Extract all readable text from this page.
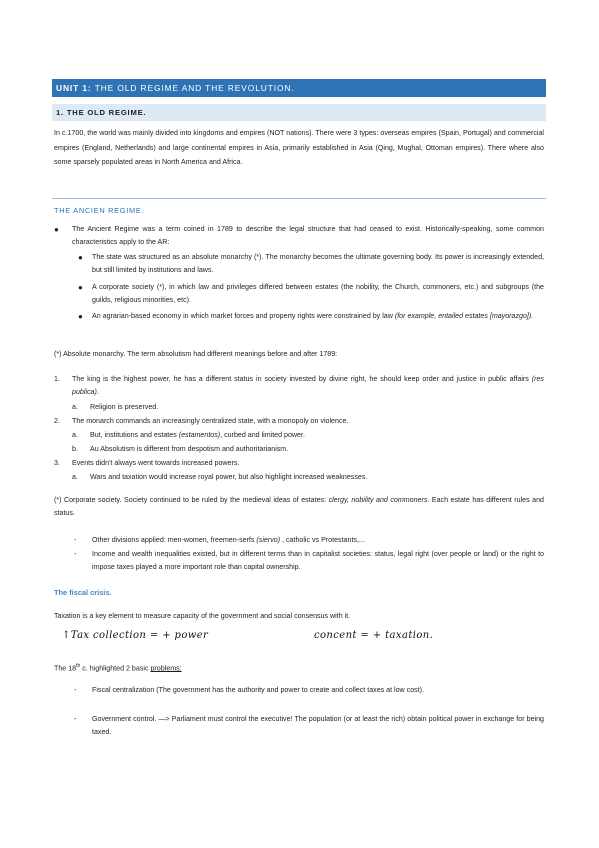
UNIT 1: THE OLD REGIME AND THE REVOLUTION.
1. THE OLD REGIME.

In c.1700, the world was mainly divided into kingdoms and empires (NOT nations). There were 3 types: overseas empires (Spain, Portugal) and commercial empires (England, Netherlands) and large continental empires in Asia, primarily established in Asia (Qing, Mughal, Ottoman empires). There where also some sparsely populated areas in North America and Africa.

THE ANCIEN REGIME.
● The Ancient Regime was a term coined in 1789 to describe the legal structure that had ceased to exist. Historically-speaking, some common characteristics apply to the AR:

● The state was structured as an absolute monarchy (*). The monarchy becomes the ultimate governing body. Its power is increasingly extended, but still limited by institutions and laws.

● A corporate society (*), in which law and privileges differed between estates (the nobility, the Church, commoners, etc.) and subgroups (the guilds, religious minorities, etc).

● An agrarian-based economy in which market forces and property rights were constrained by law (for example, entailed estates [mayorazgo]).

(*) Absolute monarchy. The term absolutism had different meanings before and after 1789:

1. The king is the highest power, he has a different status in society invested by divine right, he should keep order and justice in public affairs (res publica).

a. Religion is preserved.

2. The monarch commands an increasingly centralized state, with a monopoly on violence.

a. But, institutions and estates (estamentos), curbed and limited power.

b. Au Absolutism is different from despotism and authoritarianism.

3. Events didn't always went towards increased powers.

a. Wars and taxation would increase royal power, but also highlight increased weaknesses.

(*) Corporate society. Society continued to be ruled by the medieval ideas of estates: clergy, nobility and commoners. Each estate has different rules and status.

- Other divisions applied: men-women, freemen-serfs (siervo) , catholic vs Protestants,...

- Income and wealth inequalities existed, but in different terms than in capitalist societies: status, legal right (over people or land) or the right to impose taxes played a more important role than capital ownership.

The fiscal crisis.

Taxation is a key element to measure capacity of the government and social consensus with it.

↑Tax collection = + power	concent = + taxation.

The 18th c. highlighted 2 basic problems:

- Fiscal centralization (The government has the authority and power to create and collect taxes at low cost).

- Government control. —> Parliament must control the executive! The population (or at least the rich) obtain political power in exchange for being taxed.
